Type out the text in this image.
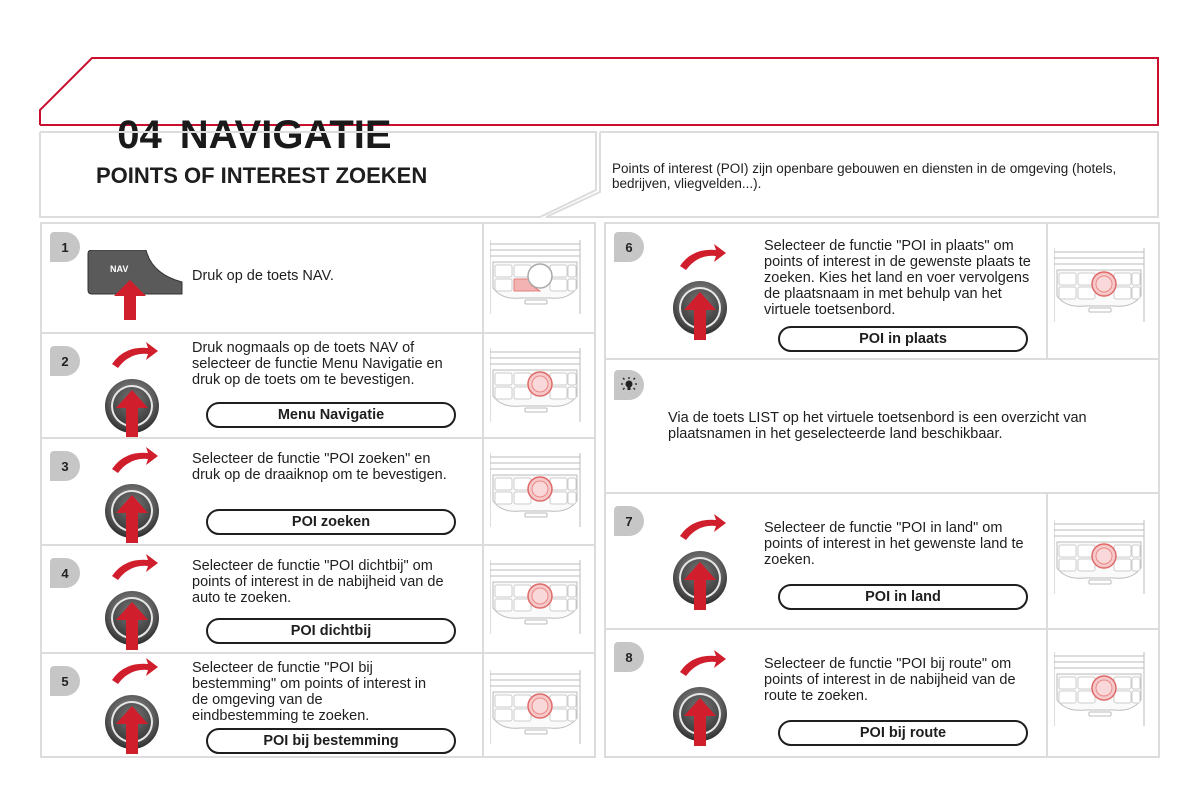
04 NAVIGATIE

POINTS OF INTEREST ZOEKEN	Points of interest (POI) zijn openbare gebouwen en diensten in de omgeving (hotels, bedrijven, vliegvelden...).
1
NAV	Druk op de toets NAV.
2
Druk nogmaals op de toets NAV of selecteer de functie Menu Navigatie en druk op de toets om te bevestigen.
Menu Navigatie
3	Selecteer de functie "POI zoeken" en druk op de draaiknop om te bevestigen.
POI zoeken
4	Selecteer de functie "POI dichtbij" om points of interest in de nabijheid van de auto te zoeken.
POI dichtbij
5
Selecteer de functie "POI bij bestemming" om points of interest in de omgeving van de eindbestemming te zoeken.
POI bij bestemming
6	Selecteer de functie "POI in plaats" om points of interest in de gewenste plaats te zoeken. Kies het land en voer vervolgens de plaatsnaam in met behulp van het virtuele toetsenbord.
POI in plaats
Via de toets LIST op het virtuele toetsenbord is een overzicht van plaatsnamen in het geselecteerde land beschikbaar.
7	Selecteer de functie "POI in land" om points of interest in het gewenste land te zoeken.
POI in land
8	Selecteer de functie "POI bij route" om points of interest in de nabijheid van de route te zoeken.
POI bij route
